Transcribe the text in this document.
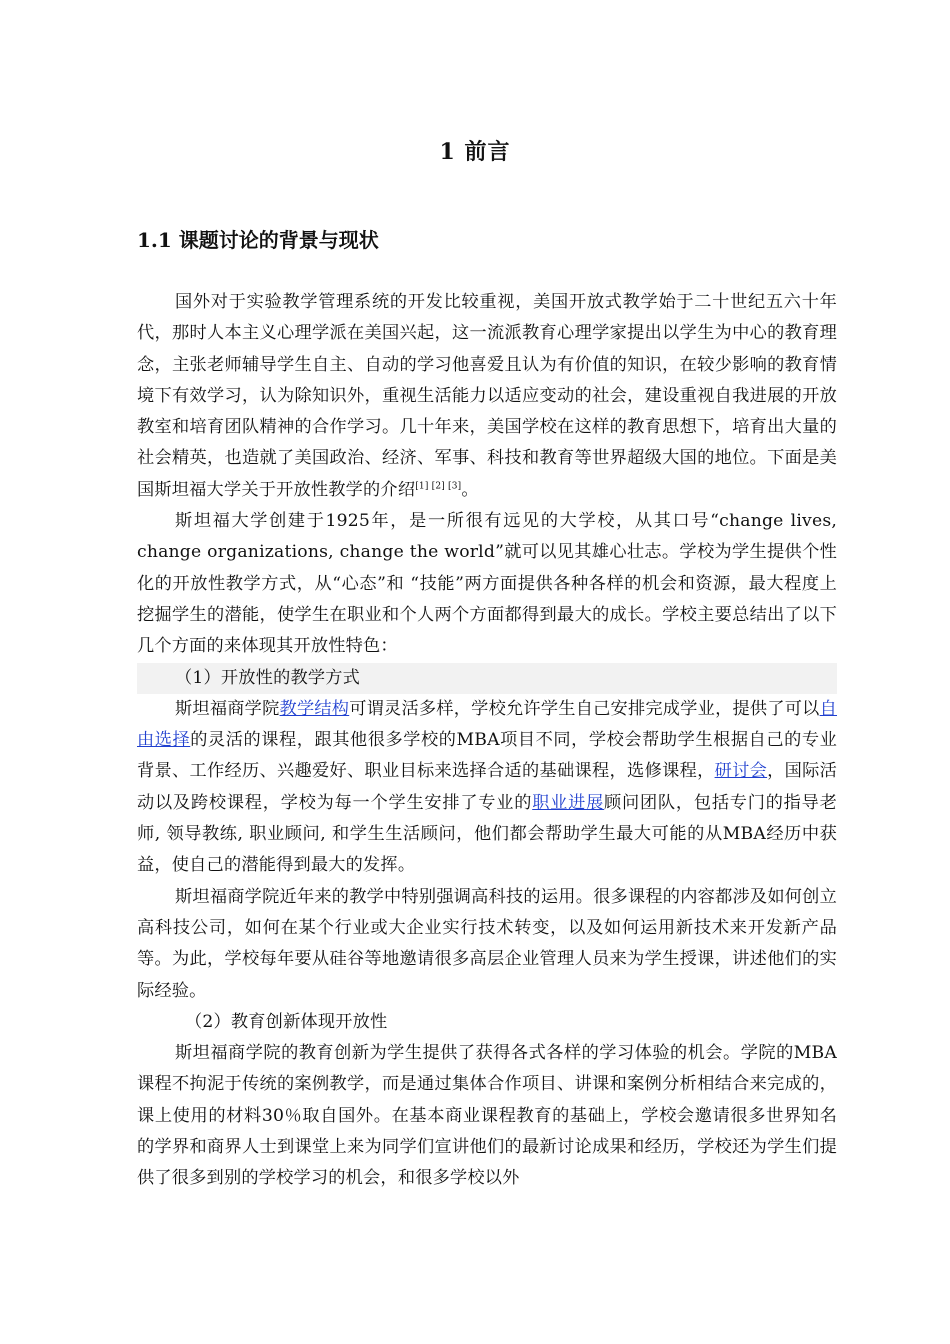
1 前言
1.1 课题讨论的背景与现状

国外对于实验教学管理系统的开发比较重视，美国开放式教学始于二十世纪五六十年代，那时人本主义心理学派在美国兴起，这一流派教育心理学家提出以学生为中心的教育理念，主张老师辅导学生自主、自动的学习他喜爱且认为有价值的知识，在较少影响的教育情境下有效学习，认为除知识外，重视生活能力以适应变动的社会，建设重视自我进展的开放教室和培育团队精神的合作学习。几十年来，美国学校在这样的教育思想下，培育出大量的社会精英，也造就了美国政治、经济、军事、科技和教育等世界超级大国的地位。下面是美国斯坦福大学关于开放性教学的介绍[1] [2] [3]。

斯坦福大学创建于1925年，是一所很有远见的大学校，从其口号“change lives, change organizations, change the world”就可以见其雄心壮志。学校为学生提供个性化的开放性教学方式，从“心态”和 “技能”两方面提供各种各样的机会和资源，最大程度上挖掘学生的潜能，使学生在职业和个人两个方面都得到最大的成长。学校主要总结出了以下几个方面的来体现其开放性特色：

（1）开放性的教学方式

斯坦福商学院教学结构可谓灵活多样，学校允许学生自己安排完成学业，提供了可以自由选择的灵活的课程，跟其他很多学校的MBA项目不同，学校会帮助学生根据自己的专业背景、工作经历、兴趣爱好、职业目标来选择合适的基础课程，选修课程，研讨会，国际活动以及跨校课程，学校为每一个学生安排了专业的职业进展顾问团队，包括专门的指导老师, 领导教练, 职业顾问, 和学生生活顾问，他们都会帮助学生最大可能的从MBA经历中获益，使自己的潜能得到最大的发挥。

斯坦福商学院近年来的教学中特别强调高科技的运用。很多课程的内容都涉及如何创立高科技公司，如何在某个行业或大企业实行技术转变，以及如何运用新技术来开发新产品等。为此，学校每年要从硅谷等地邀请很多高层企业管理人员来为学生授课，讲述他们的实际经验。

（2）教育创新体现开放性

斯坦福商学院的教育创新为学生提供了获得各式各样的学习体验的机会。学院的MBA课程不拘泥于传统的案例教学，而是通过集体合作项目、讲课和案例分析相结合来完成的，课上使用的材料30％取自国外。在基本商业课程教育的基础上，学校会邀请很多世界知名的学界和商界人士到课堂上来为同学们宣讲他们的最新讨论成果和经历，学校还为学生们提供了很多到别的学校学习的机会，和很多学校以外
